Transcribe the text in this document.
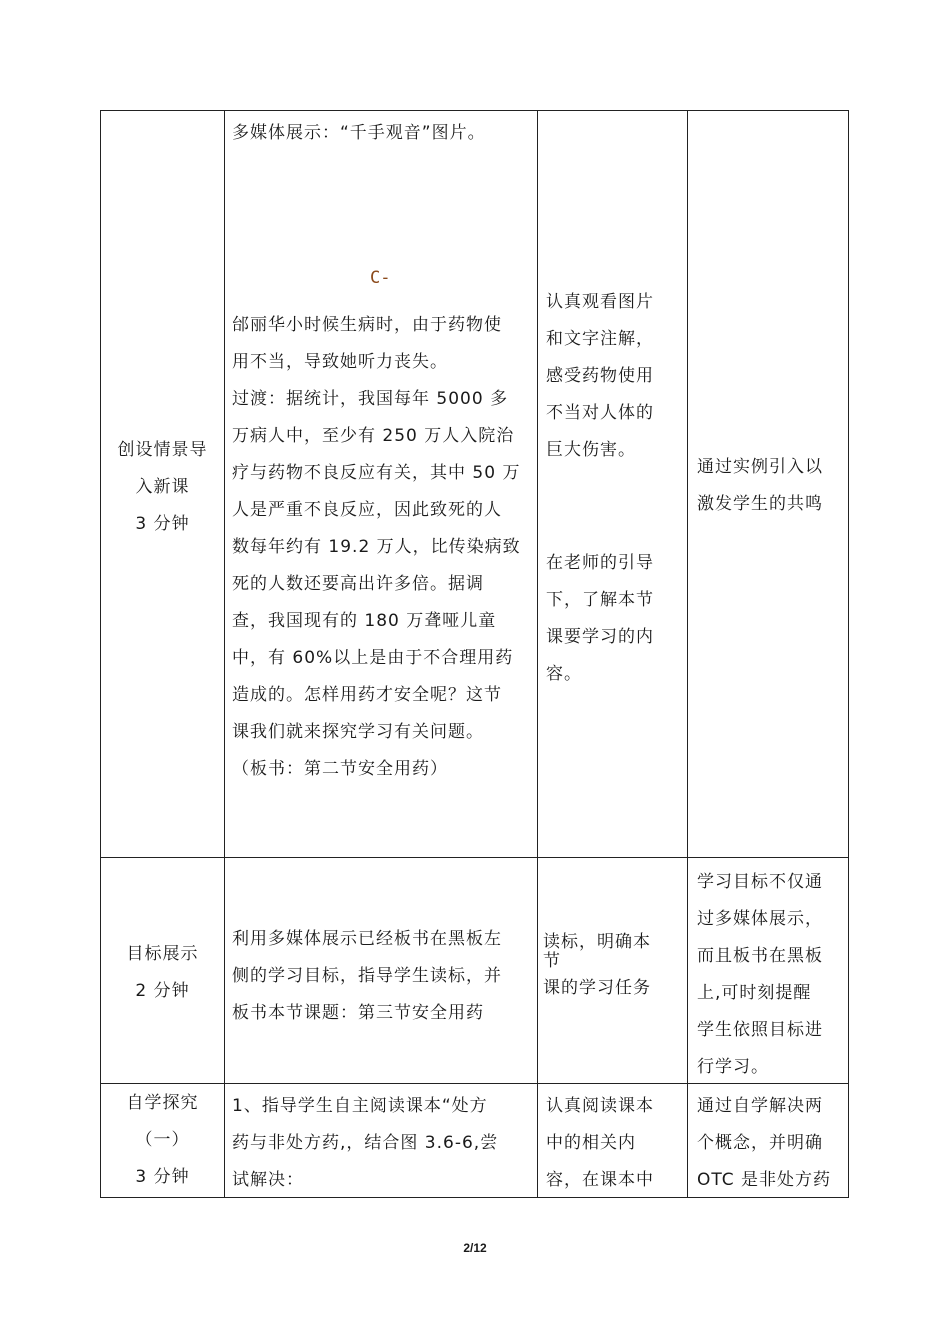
创设情景导
入新课
3 分钟
多媒体展示：“千手观音”图片。
C-
邰丽华小时候生病时，由于药物使
用不当，导致她听力丧失。
过渡：据统计，我国每年 5000 多
万病人中，至少有 250 万人入院治
疗与药物不良反应有关，其中 50 万
人是严重不良反应，因此致死的人
数每年约有 19.2 万人，比传染病致
死的人数还要高出许多倍。据调
查，我国现有的 180 万聋哑儿童
中，有 60%以上是由于不合理用药
造成的。怎样用药才安全呢？这节
课我们就来探究学习有关问题。
（板书：第二节安全用药）
认真观看图片
和文字注解，
感受药物使用
不当对人体的
巨大伤害。
在老师的引导
下，了解本节
课要学习的内
容。
通过实例引入以
激发学生的共鸣
目标展示
2 分钟
利用多媒体展示已经板书在黑板左
侧的学习目标，指导学生读标，并
板书本节课题：第三节安全用药
读标，明确本
节
课的学习任务
学习目标不仅通
过多媒体展示，
而且板书在黑板
上,可时刻提醒
学生依照目标进
行学习。
自学探究
（一）
3 分钟
1、指导学生自主阅读课本“处方
药与非处方药,，结合图 3.6-6,尝
试解决：
认真阅读课本
中的相关内
容，在课本中
通过自学解决两
个概念，并明确
OTC 是非处方药
2/12
